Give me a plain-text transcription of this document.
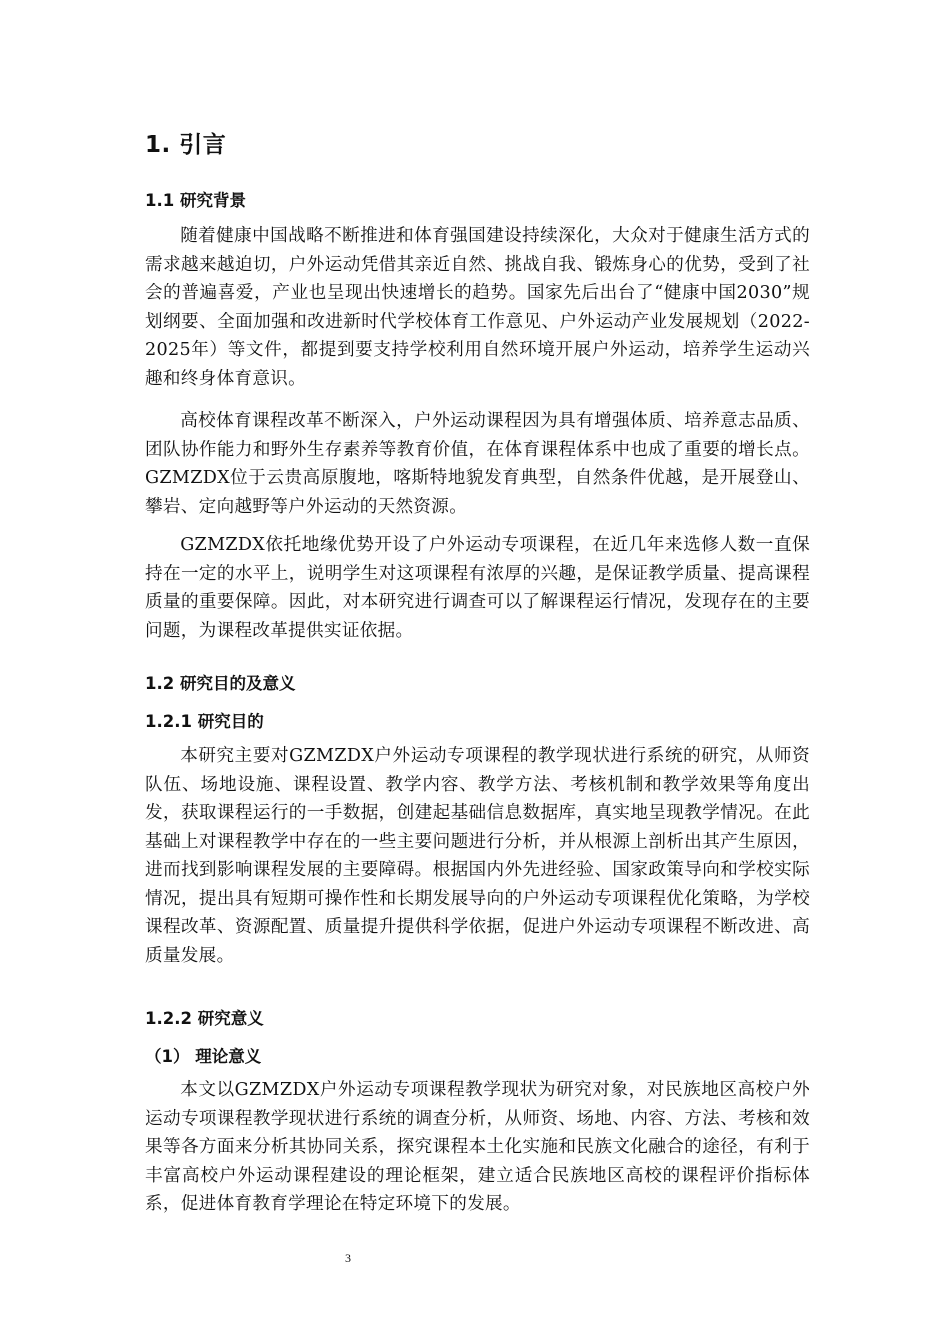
1. 引言
1.1 研究背景

随着健康中国战略不断推进和体育强国建设持续深化，大众对于健康生活方式的需求越来越迫切，户外运动凭借其亲近自然、挑战自我、锻炼身心的优势，受到了社会的普遍喜爱，产业也呈现出快速增长的趋势。国家先后出台了“健康中国2030”规划纲要、全面加强和改进新时代学校体育工作意见、户外运动产业发展规划（2022-2025年）等文件，都提到要支持学校利用自然环境开展户外运动，培养学生运动兴趣和终身体育意识。

高校体育课程改革不断深入，户外运动课程因为具有增强体质、培养意志品质、团队协作能力和野外生存素养等教育价值，在体育课程体系中也成了重要的增长点。GZMZDX位于云贵高原腹地，喀斯特地貌发育典型，自然条件优越，是开展登山、攀岩、定向越野等户外运动的天然资源。

GZMZDX依托地缘优势开设了户外运动专项课程，在近几年来选修人数一直保持在一定的水平上，说明学生对这项课程有浓厚的兴趣，是保证教学质量、提高课程质量的重要保障。因此，对本研究进行调查可以了解课程运行情况，发现存在的主要问题，为课程改革提供实证依据。

1.2 研究目的及意义
1.2.1 研究目的

本研究主要对GZMZDX户外运动专项课程的教学现状进行系统的研究，从师资队伍、场地设施、课程设置、教学内容、教学方法、考核机制和教学效果等角度出发，获取课程运行的一手数据，创建起基础信息数据库，真实地呈现教学情况。在此基础上对课程教学中存在的一些主要问题进行分析，并从根源上剖析出其产生原因，进而找到影响课程发展的主要障碍。根据国内外先进经验、国家政策导向和学校实际情况，提出具有短期可操作性和长期发展导向的户外运动专项课程优化策略，为学校课程改革、资源配置、质量提升提供科学依据，促进户外运动专项课程不断改进、高质量发展。

1.2.2 研究意义
（1） 理论意义

本文以GZMZDX户外运动专项课程教学现状为研究对象，对民族地区高校户外运动专项课程教学现状进行系统的调查分析，从师资、场地、内容、方法、考核和效果等各方面来分析其协同关系，探究课程本土化实施和民族文化融合的途径，有利于丰富高校户外运动课程建设的理论框架，建立适合民族地区高校的课程评价指标体系，促进体育教育学理论在特定环境下的发展。

3
